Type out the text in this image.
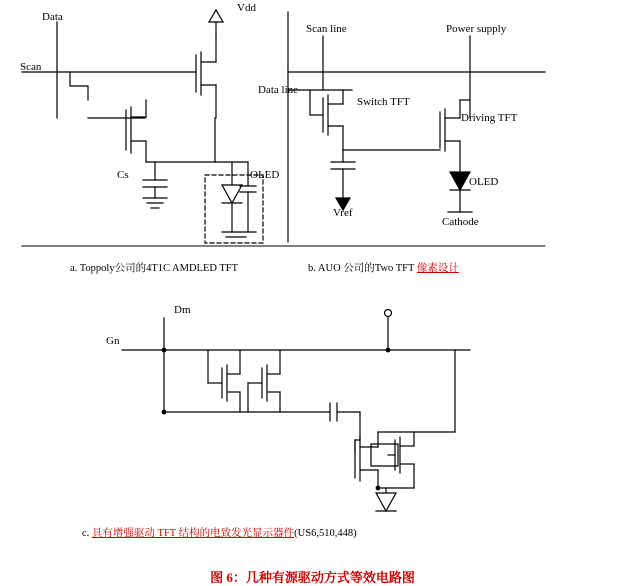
Data
Vdd
Scan
Cs	OLED
Scan line	Power supply
Data line
Switch TFT
Driving TFT
OLED
Vref
Cathode
Dm
Gn
a. Toppoly公司的4T1C AMDLED TFT	b. AUO 公司的Two TFT 像素设计
c. 具有增强驱动 TFT 结构的电致发光显示器件(US6,510,448)
图 6：几种有源驱动方式等效电路图
